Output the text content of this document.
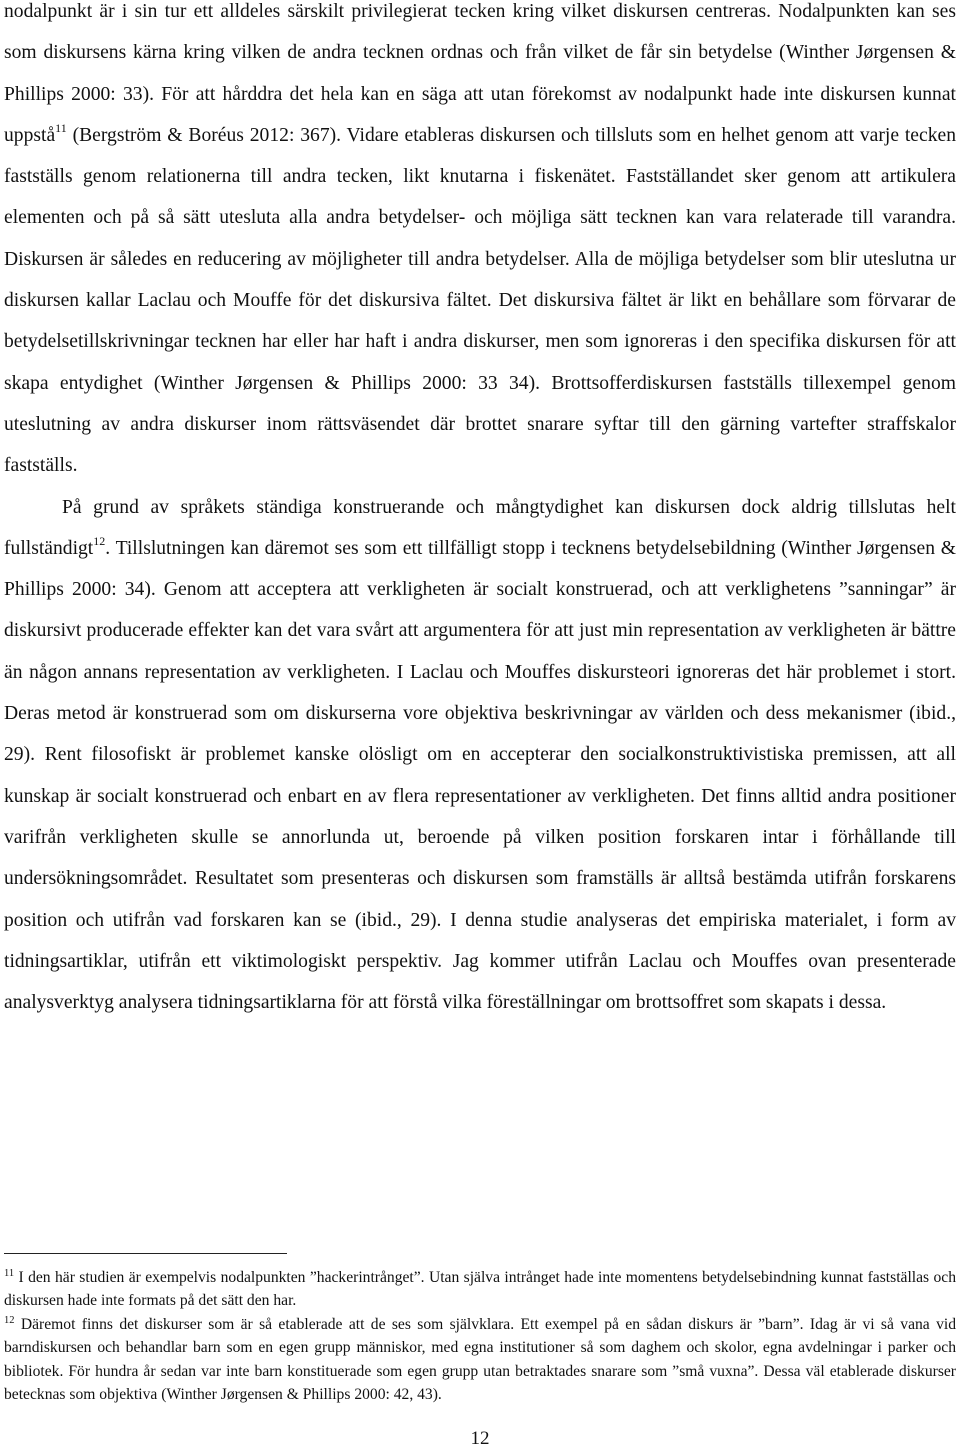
nodalpunkt är i sin tur ett alldeles särskilt privilegierat tecken kring vilket diskursen centreras. Nodalpunkten kan ses som diskursens kärna kring vilken de andra tecknen ordnas och från vilket de får sin betydelse (Winther Jørgensen & Phillips 2000: 33). För att hårddra det hela kan en säga att utan förekomst av nodalpunkt hade inte diskursen kunnat uppstå$^{11}$ (Bergström & Boréus 2012: 367). Vidare etableras diskursen och tillsluts som en helhet genom att varje tecken fastställs genom relationerna till andra tecken, likt knutarna i fiskenätet. Fastställandet sker genom att artikulera elementen och på så sätt utesluta alla andra betydelser- och möjliga sätt tecknen kan vara relaterade till varandra. Diskursen är således en reducering av möjligheter till andra betydelser. Alla de möjliga betydelser som blir uteslutna ur diskursen kallar Laclau och Mouffe för det diskursiva fältet. Det diskursiva fältet är likt en behållare som förvarar de betydelsetillskrivningar tecknen har eller har haft i andra diskurser, men som ignoreras i den specifika diskursen för att skapa entydighet (Winther Jørgensen & Phillips 2000: 33 34). Brottsofferdiskursen fastställs tillexempel genom uteslutning av andra diskurser inom rättsväsendet där brottet snarare syftar till den gärning vartefter straffskalor fastställs.

På grund av språkets ständiga konstruerande och mångtydighet kan diskursen dock aldrig tillslutas helt fullständigt$^{12}$. Tillslutningen kan däremot ses som ett tillfälligt stopp i tecknens betydelsebildning (Winther Jørgensen & Phillips 2000: 34). Genom att acceptera att verkligheten är socialt konstruerad, och att verklighetens ”sanningar” är diskursivt producerade effekter kan det vara svårt att argumentera för att just min representation av verkligheten är bättre än någon annans representation av verkligheten. I Laclau och Mouffes diskursteori ignoreras det här problemet i stort. Deras metod är konstruerad som om diskurserna vore objektiva beskrivningar av världen och dess mekanismer (ibid., 29). Rent filosofiskt är problemet kanske olösligt om en accepterar den socialkonstruktivistiska premissen, att all kunskap är socialt konstruerad och enbart en av flera representationer av verkligheten. Det finns alltid andra positioner varifrån verkligheten skulle se annorlunda ut, beroende på vilken position forskaren intar i förhållande till undersökningsområdet. Resultatet som presenteras och diskursen som framställs är alltså bestämda utifrån forskarens position och utifrån vad forskaren kan se (ibid., 29). I denna studie analyseras det empiriska materialet, i form av tidningsartiklar, utifrån ett viktimologiskt perspektiv. Jag kommer utifrån Laclau och Mouffes ovan presenterade analysverktyg analysera tidningsartiklarna för att förstå vilka föreställningar om brottsoffret som skapats i dessa.

$^{11}$ I den här studien är exempelvis nodalpunkten ”hackerintrånget”. Utan själva intrånget hade inte momentens betydelsebindning kunnat fastställas och diskursen hade inte formats på det sätt den har.

$^{12}$ Däremot finns det diskurser som är så etablerade att de ses som självklara. Ett exempel på en sådan diskurs är ”barn”. Idag är vi så vana vid barndiskursen och behandlar barn som en egen grupp människor, med egna institutioner så som daghem och skolor, egna avdelningar i parker och bibliotek. För hundra år sedan var inte barn konstituerade som egen grupp utan betraktades snarare som ”små vuxna”. Dessa väl etablerade diskurser betecknas som objektiva (Winther Jørgensen & Phillips 2000: 42, 43).

12
